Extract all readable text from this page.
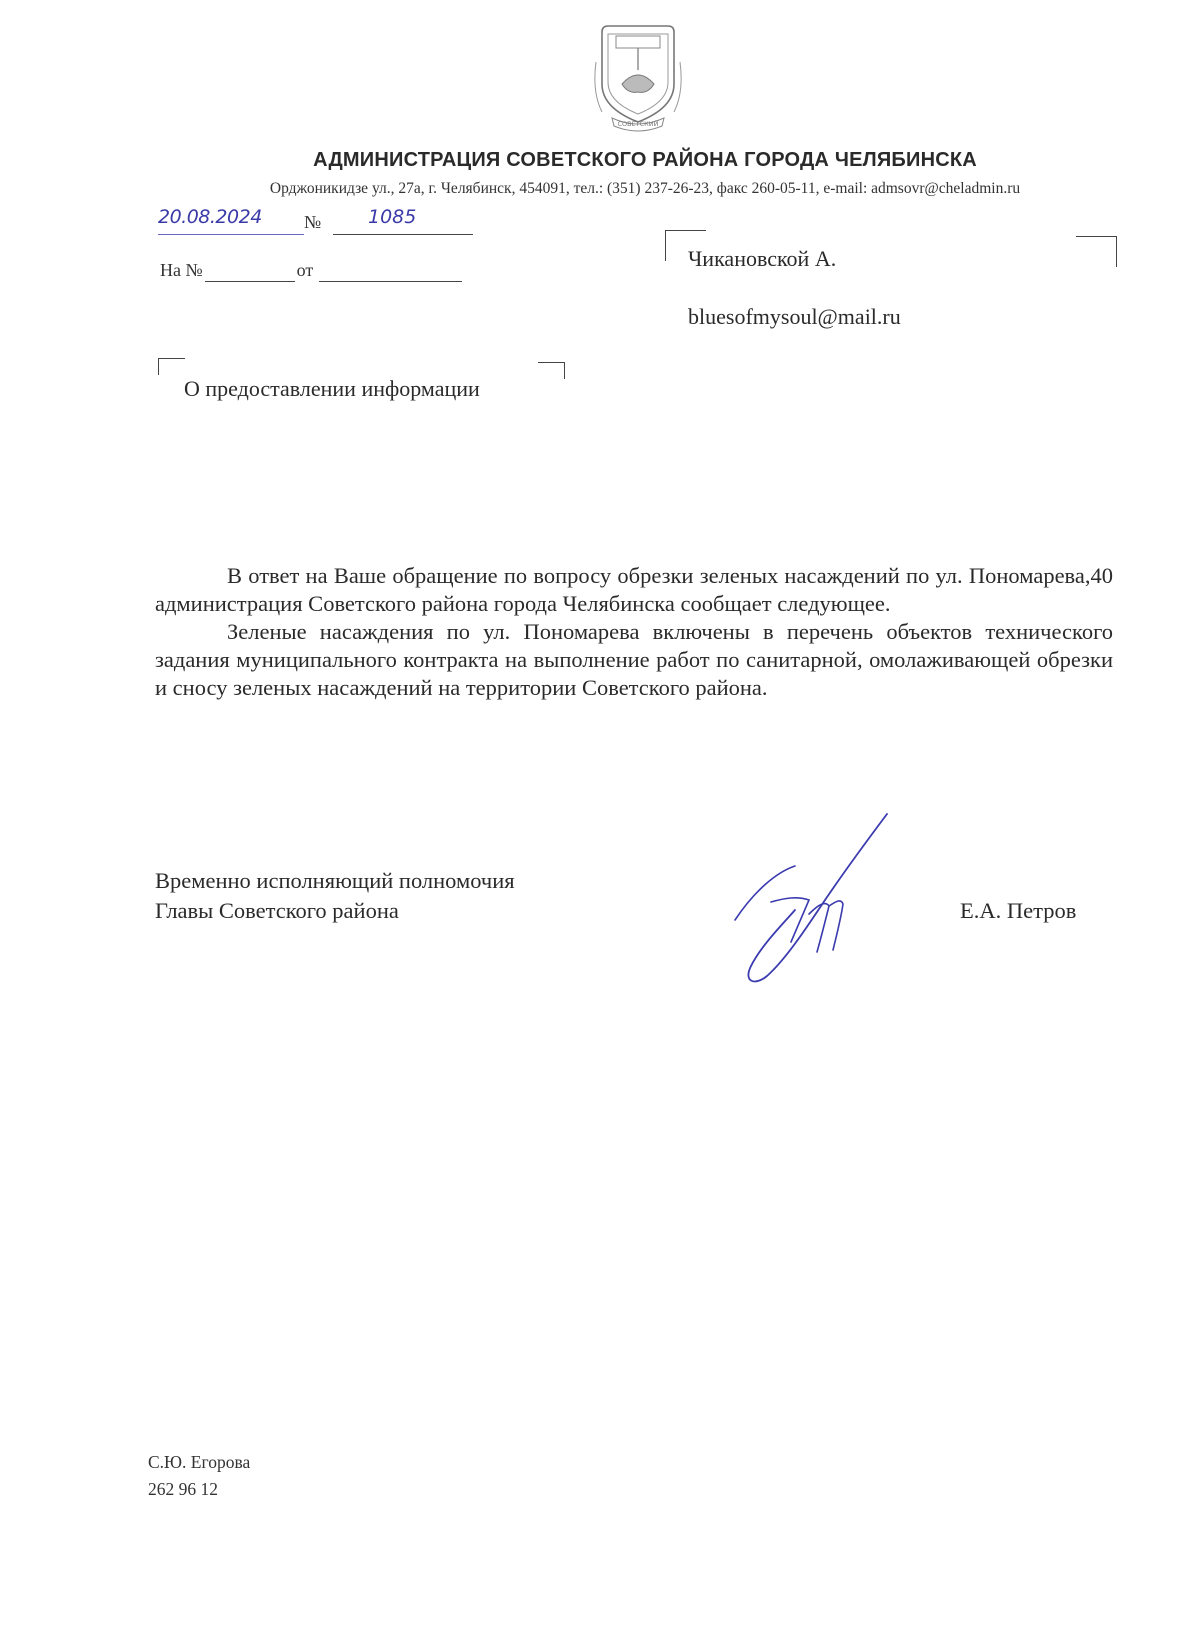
СОВЕТСКИЙ
АДМИНИСТРАЦИЯ СОВЕТСКОГО РАЙОНА ГОРОДА ЧЕЛЯБИНСКА
Орджоникидзе ул., 27а, г. Челябинск, 454091, тел.: (351) 237-26-23, факс 260-05-11, e-mail: admsovr@cheladmin.ru
20.08.2024 № 1085
На №	от	Чикановской А.
bluesofmysoul@mail.ru
О предоставлении информации

В ответ на Ваше обращение по вопросу обрезки зеленых насаждений по ул. Пономарева,40 администрация Советского района города Челябинска сообщает следующее.

Зеленые насаждения по ул. Пономарева включены в перечень объектов технического задания муниципального контракта на выполнение работ по санитарной, омолаживающей обрезки и сносу зеленых насаждений на территории Советского района.

Временно исполняющий полномочия
Главы Советского района	Е.А. Петров
С.Ю. Егорова
262 96 12
